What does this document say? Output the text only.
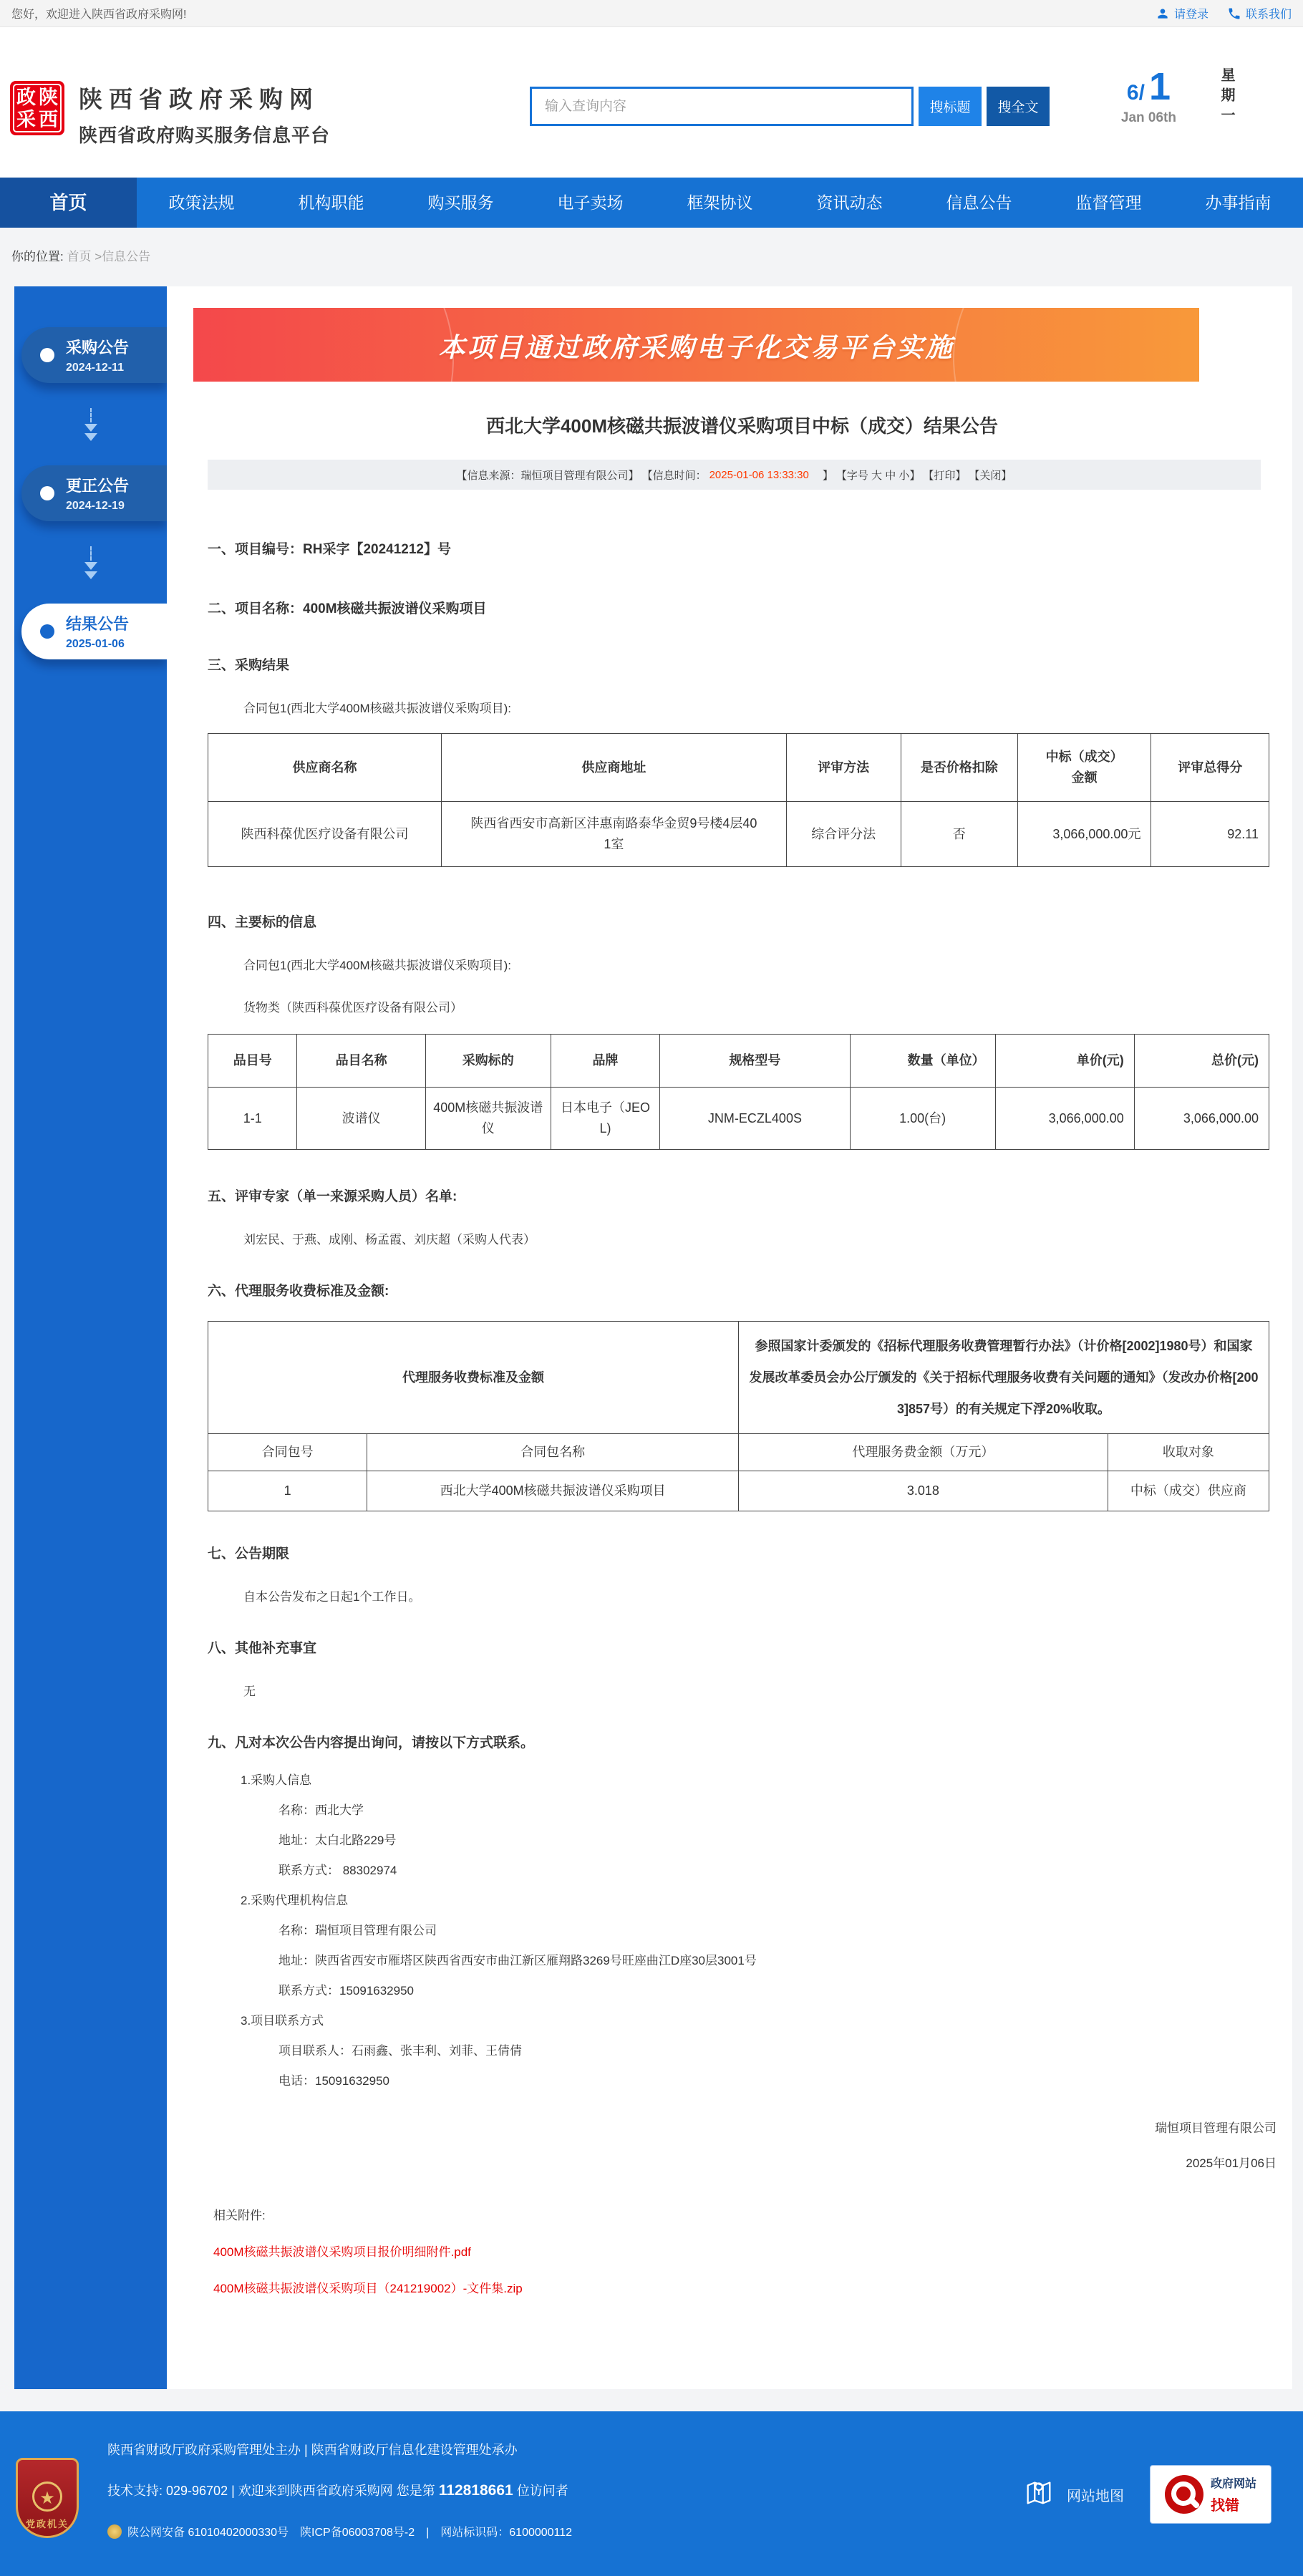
您好，欢迎进入陕西省政府采购网!	请登录	联系我们
政 陕
采 西
陕西省政府采购网
陕西省政府购买服务信息平台
输入查询内容
搜标题	搜全文
6/ 1
Jan 06th	星期一
首页	政策法规	机构职能	购买服务	电子卖场	框架协议	资讯动态	信息公告	监督管理	办事指南
你的位置: 首页 >信息公告
采购公告
2024-12-11
更正公告
2024-12-19
结果公告
2025-01-06
本项目通过政府采购电子化交易平台实施
西北大学400M核磁共振波谱仪采购项目中标（成交）结果公告
【信息来源：瑞恒项目管理有限公司】 【信息时间： 2025-01-06 13:33:30 　】 【字号 大 中 小】 【打印】 【关闭】
一、项目编号：RH采字【20241212】号
二、项目名称：400M核磁共振波谱仪采购项目
三、采购结果
合同包1(西北大学400M核磁共振波谱仪采购项目):
供应商名称	供应商地址	评审方法	是否价格扣除	中标（成交）金额	评审总得分
陕西科葆优医疗设备有限公司	陕西省西安市高新区沣惠南路泰华金贸9号楼4层401室	综合评分法	否	3,066,000.00元	92.11
四、主要标的信息
合同包1(西北大学400M核磁共振波谱仪采购项目):
货物类（陕西科葆优医疗设备有限公司）
品目号	品目名称	采购标的	品牌	规格型号	数量（单位）	单价(元)	总价(元)
1-1	波谱仪	400M核磁共振波谱仪	日本电子（JEOL)	JNM-ECZL400S	1.00(台)	3,066,000.00	3,066,000.00
五、评审专家（单一来源采购人员）名单:
刘宏民、于燕、成刚、杨孟霞、刘庆超（采购人代表）
六、代理服务收费标准及金额:
代理服务收费标准及金额		参照国家计委颁发的《招标代理服务收费管理暂行办法》（计价格[2002]1980号）和国家发展改革委员会办公厅颁发的《关于招标代理服务收费有关问题的通知》（发改办价格[2003]857号）的有关规定下浮20%收取。	
合同包号	合同包名称	代理服务费金额（万元）	收取对象
1	西北大学400M核磁共振波谱仪采购项目	3.018	中标（成交）供应商
七、公告期限
自本公告发布之日起1个工作日。
八、其他补充事宜
无
九、凡对本次公告内容提出询问，请按以下方式联系。
1.采购人信息
名称：西北大学
地址：太白北路229号
联系方式： 88302974
2.采购代理机构信息
名称：瑞恒项目管理有限公司
地址：陕西省西安市雁塔区陕西省西安市曲江新区雁翔路3269号旺座曲江D座30层3001号
联系方式：15091632950
3.项目联系方式
项目联系人：石雨鑫、张丰利、刘菲、王倩倩
电话：15091632950
瑞恒项目管理有限公司
2025年01月06日
相关附件:
400M核磁共振波谱仪采购项目报价明细附件.pdf
400M核磁共振波谱仪采购项目（241219002）-文件集.zip
★
党政机关
陕西省财政厅政府采购管理处主办 | 陕西省财政厅信息化建设管理处承办
技术支持: 029-96702 | 欢迎来到陕西省政府采购网 您是第 112818661 位访问者
陕公网安备 61010402000330号　陕ICP备06003708号-2　|　网站标识码：6100000112
网站地图
政府网站
找错
